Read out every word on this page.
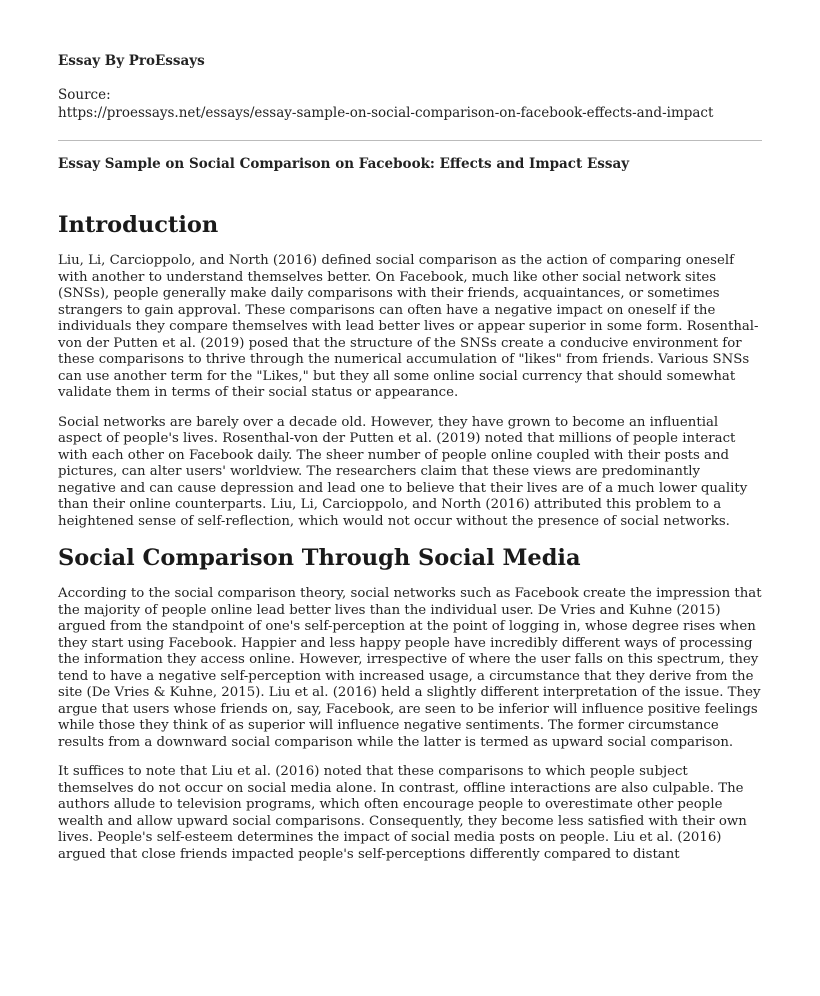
Essay By ProEssays
Source:
https://proessays.net/essays/essay-sample-on-social-comparison-on-facebook-effects-and-impact
Essay Sample on Social Comparison on Facebook: Effects and Impact Essay
Introduction

Liu, Li, Carcioppolo, and North (2016) defined social comparison as the action of comparing oneself with another to understand themselves better. On Facebook, much like other social network sites (SNSs), people generally make daily comparisons with their friends, acquaintances, or sometimes strangers to gain approval. These comparisons can often have a negative impact on oneself if the individuals they compare themselves with lead better lives or appear superior in some form. Rosenthal-von der Putten et al. (2019) posed that the structure of the SNSs create a conducive environment for these comparisons to thrive through the numerical accumulation of "likes" from friends. Various SNSs can use another term for the "Likes," but they all some online social currency that should somewhat validate them in terms of their social status or appearance.

Social networks are barely over a decade old. However, they have grown to become an influential aspect of people's lives. Rosenthal-von der Putten et al. (2019) noted that millions of people interact with each other on Facebook daily. The sheer number of people online coupled with their posts and pictures, can alter users' worldview. The researchers claim that these views are predominantly negative and can cause depression and lead one to believe that their lives are of a much lower quality than their online counterparts. Liu, Li, Carcioppolo, and North (2016) attributed this problem to a heightened sense of self-reflection, which would not occur without the presence of social networks.

Social Comparison Through Social Media

According to the social comparison theory, social networks such as Facebook create the impression that the majority of people online lead better lives than the individual user. De Vries and Kuhne (2015) argued from the standpoint of one's self-perception at the point of logging in, whose degree rises when they start using Facebook. Happier and less happy people have incredibly different ways of processing the information they access online. However, irrespective of where the user falls on this spectrum, they tend to have a negative self-perception with increased usage, a circumstance that they derive from the site (De Vries & Kuhne, 2015). Liu et al. (2016) held a slightly different interpretation of the issue. They argue that users whose friends on, say, Facebook, are seen to be inferior will influence positive feelings while those they think of as superior will influence negative sentiments. The former circumstance results from a downward social comparison while the latter is termed as upward social comparison.

It suffices to note that Liu et al. (2016) noted that these comparisons to which people subject themselves do not occur on social media alone. In contrast, offline interactions are also culpable. The authors allude to television programs, which often encourage people to overestimate other people wealth and allow upward social comparisons. Consequently, they become less satisfied with their own lives. People's self-esteem determines the impact of social media posts on people. Liu et al. (2016) argued that close friends impacted people's self-perceptions differently compared to distant
